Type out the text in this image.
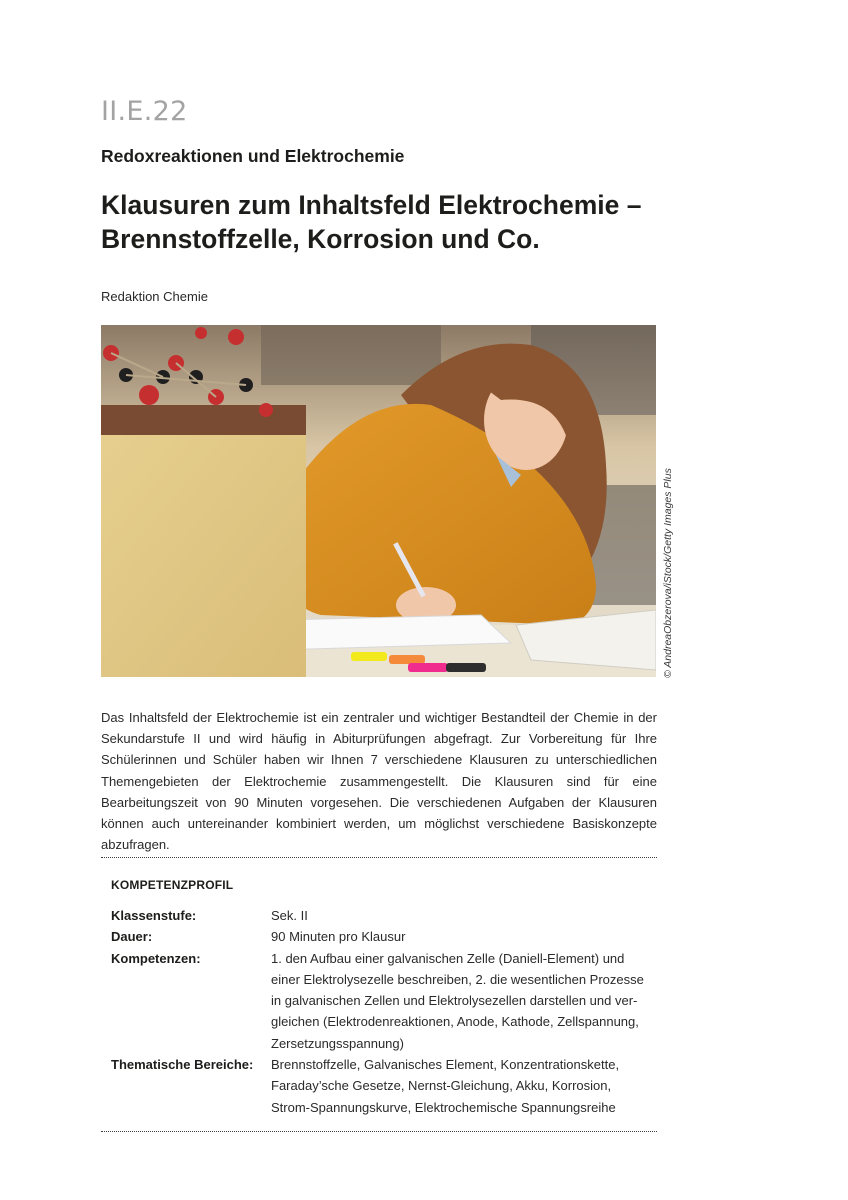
II.E.22
Redoxreaktionen und Elektrochemie
Klausuren zum Inhaltsfeld Elektrochemie –
Brennstoffzelle, Korrosion und Co.
Redaktion Chemie
© AndreaObzerova/iStock/Getty Images Plus

Das Inhaltsfeld der Elektrochemie ist ein zentraler und wichtiger Bestandteil der Chemie in der Sekundarstufe II und wird häufig in Abiturprüfungen abgefragt. Zur Vorbereitung für Ihre Schülerinnen und Schüler haben wir Ihnen 7 verschiedene Klausuren zu unterschiedlichen Themengebieten der Elektrochemie zusammengestellt. Die Klausuren sind für eine Bearbeitungszeit von 90 Minuten vorgesehen. Die verschiedenen Aufgaben der Klausuren können auch untereinander kombiniert werden, um möglichst verschiedene Basiskonzepte abzufragen.

KOMPETENZPROFIL
Klassenstufe:	Sek. II
Dauer:	90 Minuten pro Klausur
Kompetenzen:	1. den Aufbau einer galvanischen Zelle (Daniell-Element) und einer Elektrolysezelle beschreiben, 2. die wesentlichen Prozesse in galvanischen Zellen und Elektrolysezellen darstellen und vergleichen (Elektrodenreaktionen, Anode, Kathode, Zellspannung, Zersetzungsspannung)
Thematische Bereiche:	Brennstoffzelle, Galvanisches Element, Konzentrationskette, Faraday’sche Gesetze, Nernst-Gleichung, Akku, Korrosion, Strom-Spannungskurve, Elektrochemische Spannungsreihe
